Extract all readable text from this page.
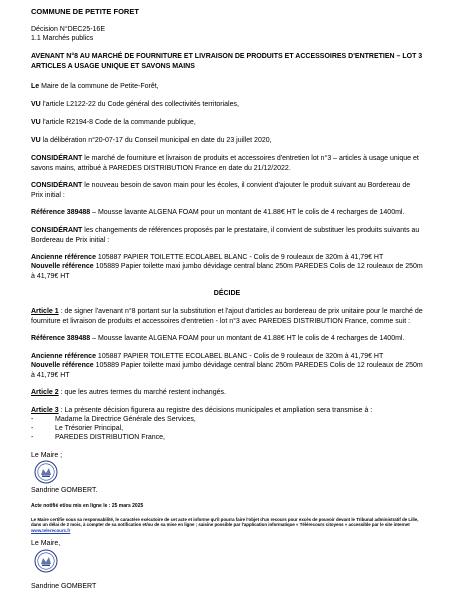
COMMUNE DE PETITE FORET
Décision N°DEC25-16E
1.1 Marchés publics
AVENANT N°8 AU MARCHÉ DE FOURNITURE ET LIVRAISON DE PRODUITS ET ACCESSOIRES D'ENTRETIEN – LOT 3 ARTICLES A USAGE UNIQUE ET SAVONS MAINS
Le Maire de la commune de Petite-Forêt,
VU l'article L2122-22 du Code général des collectivités territoriales,
VU l'article R2194-8 Code de la commande publique,
VU la délibération n°20-07-17 du Conseil municipal en date du 23 juillet 2020,
CONSIDÉRANT le marché de fourniture et livraison de produits et accessoires d'entretien lot n°3 – articles à usage unique et savons mains, attribué à PAREDES DISTRIBUTION France en date du 21/12/2022.
CONSIDÉRANT le nouveau besoin de savon main pour les écoles, il convient d'ajouter le produit suivant au Bordereau de Prix initial :
Référence 389488 – Mousse lavante ALGENA FOAM pour un montant de 41.88€ HT le colis de 4 recharges de 1400ml.
CONSIDÉRANT les changements de références proposés par le prestataire, il convient de substituer les produits suivants au Bordereau de Prix initial :
Ancienne référence 105887 PAPIER TOILETTE ECOLABEL BLANC - Colis de 9 rouleaux de 320m à 41,79€ HT
Nouvelle référence 105889 Papier toilette maxi jumbo dévidage central blanc 250m PAREDES Colis de 12 rouleaux de 250m à 41,79€ HT
DÉCIDE
Article 1 : de signer l'avenant n°8 portant sur la substitution et l'ajout d'articles au bordereau de prix unitaire pour le marché de fourniture et livraison de produits et accessoires d'entretien - lot n°3 avec PAREDES DISTRIBUTION France, comme suit :
Référence 389488 – Mousse lavante ALGENA FOAM pour un montant de 41.88€ HT le colis de 4 recharges de 1400ml.
Ancienne référence 105887 PAPIER TOILETTE ECOLABEL BLANC - Colis de 9 rouleaux de 320m à 41,79€ HT
Nouvelle référence 105889 Papier toilette maxi jumbo dévidage central blanc 250m PAREDES Colis de 12 rouleaux de 250m à 41,79€ HT
Article 2 : que les autres termes du marché restent inchangés.
Article 3 : La présente décision figurera au registre des décisions municipales et ampliation sera transmise à :
-	Madame la Directrice Générale des Services,
-	Le Trésorier Principal,
-	PAREDES DISTRIBUTION France,
Le Maire ;
Sandrine GOMBERT.
Acte notifié et/ou mis en ligne le : 25 mars 2025
Le Maire certifie sous sa responsabilité, le caractère exécutoire de cet acte et informe qu'il pourra faire l'objet d'un recours pour excès de pouvoir devant le Tribunal administratif de Lille, dans un délai de 2 mois, à compter de sa notification et/ou de sa mise en ligne ; saisine possible par l'application informatique « Télérecours citoyens » accessible par le site internet www.telerecours.fr
Le Maire,
Sandrine GOMBERT
